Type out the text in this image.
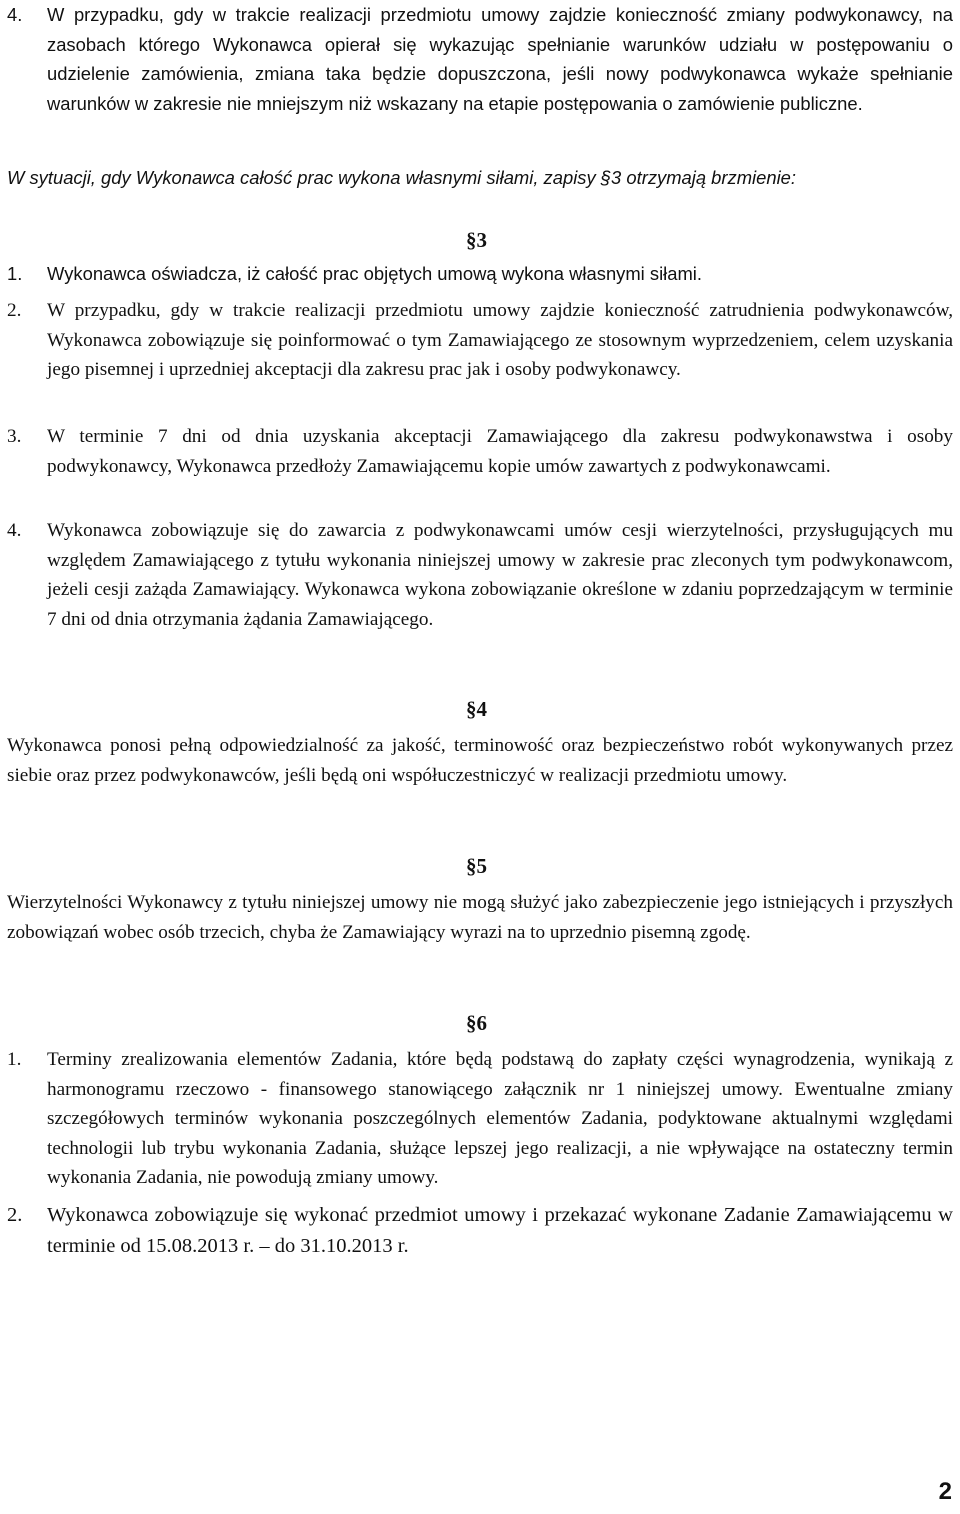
4. W przypadku, gdy w trakcie realizacji przedmiotu umowy zajdzie konieczność zmiany podwykonawcy, na zasobach którego Wykonawca opierał się wykazując spełnianie warunków udziału w postępowaniu o udzielenie zamówienia, zmiana taka będzie dopuszczona, jeśli nowy podwykonawca wykaże spełnianie warunków w zakresie nie mniejszym niż wskazany na etapie postępowania o zamówienie publiczne.
W sytuacji, gdy Wykonawca całość prac wykona własnymi siłami, zapisy §3 otrzymają brzmienie:
§3
1. Wykonawca oświadcza, iż całość prac objętych umową wykona własnymi siłami.
2. W przypadku, gdy w trakcie realizacji przedmiotu umowy zajdzie konieczność zatrudnienia podwykonawców, Wykonawca zobowiązuje się poinformować o tym Zamawiającego ze stosownym wyprzedzeniem, celem uzyskania jego pisemnej i uprzedniej akceptacji dla zakresu prac jak i osoby podwykonawcy.
3. W terminie 7 dni od dnia uzyskania akceptacji Zamawiającego dla zakresu podwykonawstwa i osoby podwykonawcy, Wykonawca przedłoży Zamawiającemu kopie umów zawartych z podwykonawcami.
4. Wykonawca zobowiązuje się do zawarcia z podwykonawcami umów cesji wierzytelności, przysługujących mu względem Zamawiającego z tytułu wykonania niniejszej umowy w zakresie prac zleconych tym podwykonawcom, jeżeli cesji zażąda Zamawiający. Wykonawca wykona zobowiązanie określone w zdaniu poprzedzającym w terminie 7 dni od dnia otrzymania żądania Zamawiającego.
§4
Wykonawca ponosi pełną odpowiedzialność za jakość, terminowość oraz bezpieczeństwo robót wykonywanych przez siebie oraz przez podwykonawców, jeśli będą oni współuczestniczyć w realizacji przedmiotu umowy.
§5
Wierzytelności Wykonawcy z tytułu niniejszej umowy nie mogą służyć jako zabezpieczenie jego istniejących i przyszłych zobowiązań wobec osób trzecich, chyba że Zamawiający wyrazi na to uprzednio pisemną zgodę.
§6
1. Terminy zrealizowania elementów Zadania, które będą podstawą do zapłaty części wynagrodzenia, wynikają z harmonogramu rzeczowo - finansowego stanowiącego załącznik nr 1 niniejszej umowy. Ewentualne zmiany szczegółowych terminów wykonania poszczególnych elementów Zadania, podyktowane aktualnymi względami technologii lub trybu wykonania Zadania, służące lepszej jego realizacji, a nie wpływające na ostateczny termin wykonania Zadania, nie powodują zmiany umowy.
2. Wykonawca zobowiązuje się wykonać przedmiot umowy i przekazać wykonane Zadanie Zamawiającemu w terminie od 15.08.2013 r. – do 31.10.2013 r.
2
